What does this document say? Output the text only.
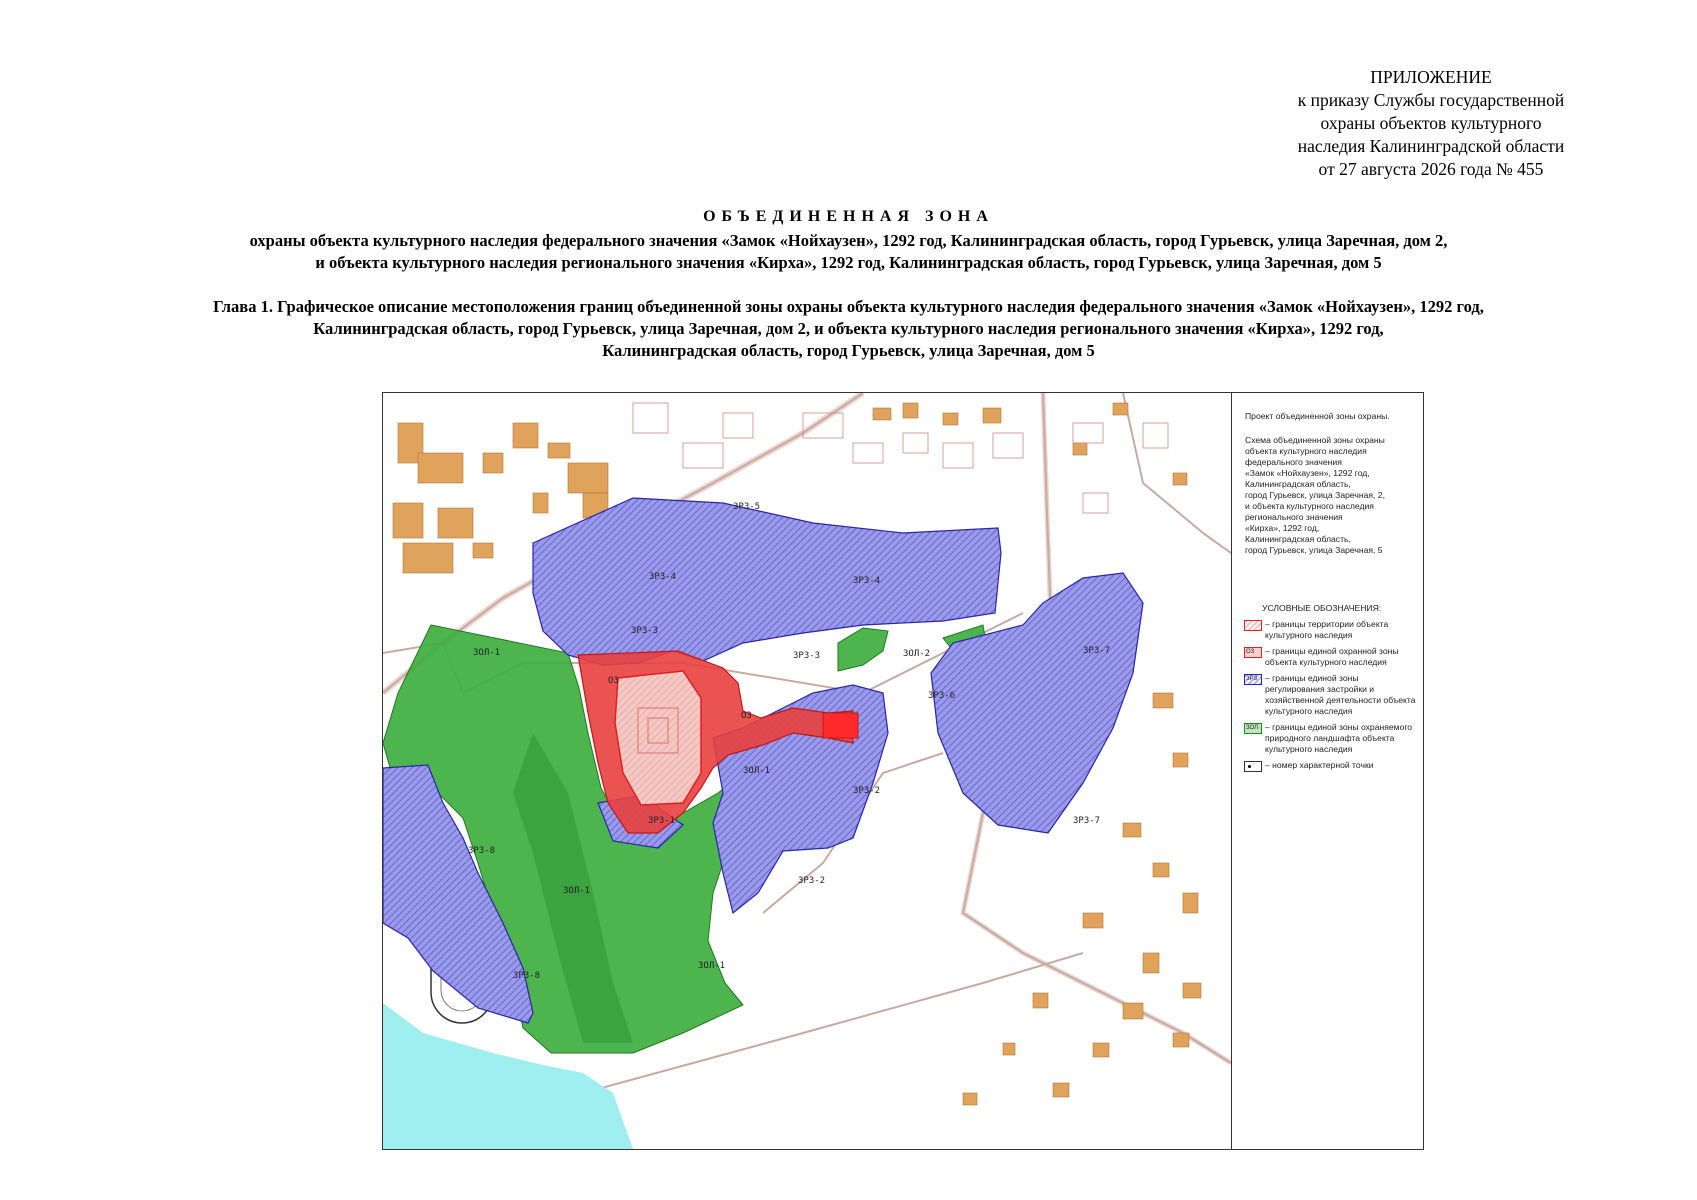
ПРИЛОЖЕНИЕ
к приказу Службы государственной
охраны объектов культурного
наследия Калининградской области
от 27 августа 2026 года № 455
ОБЪЕДИНЕННАЯ ЗОНА
охраны объекта культурного наследия федерального значения «Замок «Нойхаузен», 1292 год, Калининградская область, город Гурьевск, улица Заречная, дом 2,
и объекта культурного наследия регионального значения «Кирха», 1292 год, Калининградская область, город Гурьевск, улица Заречная, дом 5
Глава 1. Графическое описание местоположения границ объединенной зоны охраны объекта культурного наследия федерального значения «Замок «Нойхаузен», 1292 год,
Калининградская область, город Гурьевск, улица Заречная, дом 2, и объекта культурного наследия регионального значения «Кирха», 1292 год,
Калининградская область, город Гурьевск, улица Заречная, дом 5
ЗРЗ-5
ЗРЗ-4	ЗРЗ-4
ЗРЗ-3
ЗРЗ-3	ЗОЛ-2
ЗРЗ-6
ЗРЗ-7
ЗРЗ-7
ЗОЛ-1
ОЗ
ОЗ
ЗОЛ-1
ЗРЗ-2
ЗРЗ-2
ЗРЗ-1
ЗРЗ-8
ЗРЗ-8
ЗОЛ-1
ЗОЛ-1
Проект объединенной зоны охраны.
Схема объединенной зоны охраны
объекта культурного наследия
федерального значения
«Замок «Нойхаузен», 1292 год,
Калининградская область,
город Гурьевск, улица Заречная, 2,
и объекта культурного наследия
регионального значения
«Кирха», 1292 год,
Калининградская область,
город Гурьевск, улица Заречная, 5
УСЛОВНЫЕ ОБОЗНАЧЕНИЯ:
– границы территории объекта культурного наследия
ОЗ – границы единой охранной зоны объекта культурного наследия
ЗРЗ – границы единой зоны регулирования застройки и хозяйственной деятельности объекта культурного наследия
ЗОЛ – границы единой зоны охраняемого природного ландшафта объекта культурного наследия
– номер характерной точки
